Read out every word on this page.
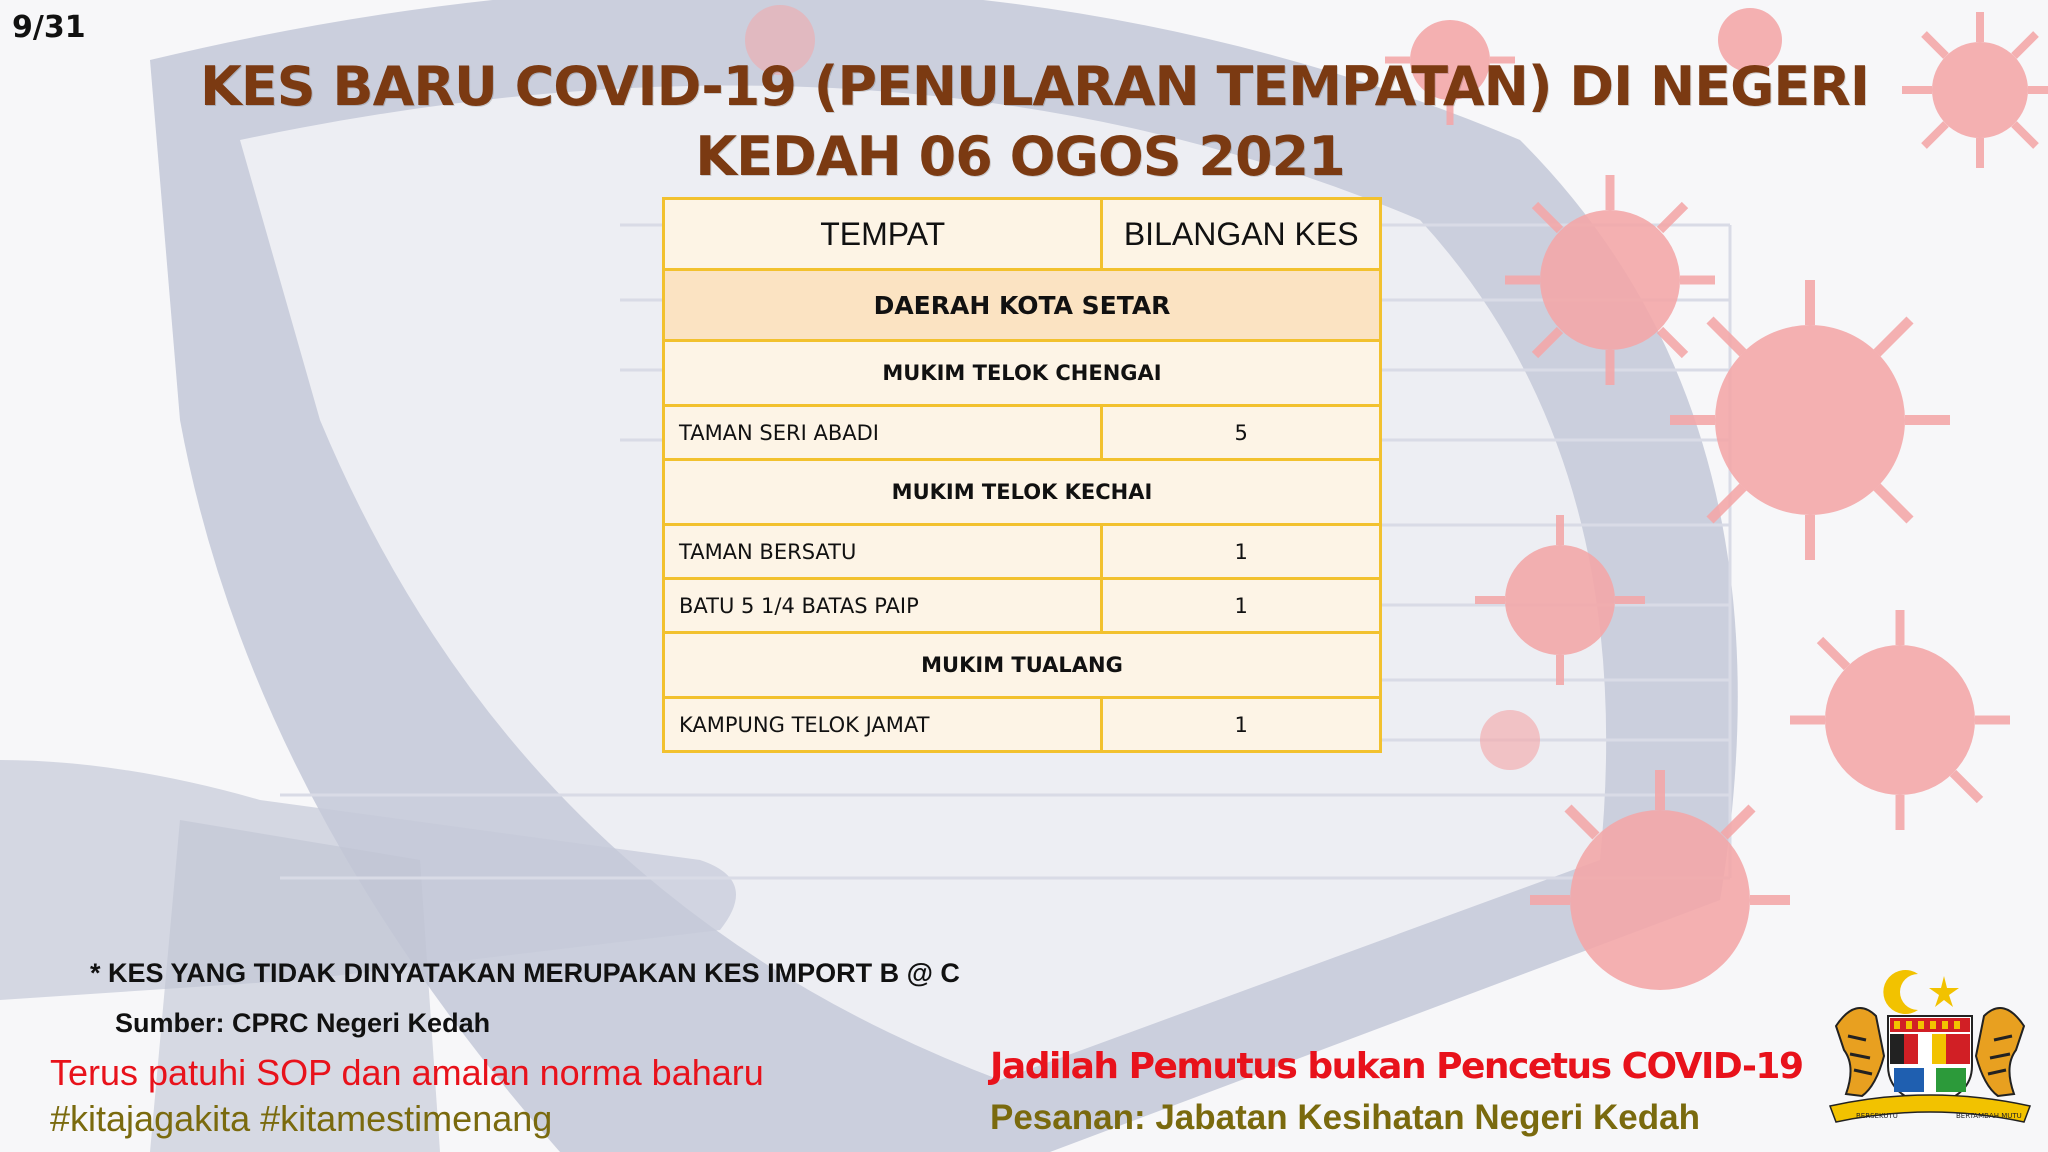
9/31
KES BARU COVID-19 (PENULARAN TEMPATAN) DI NEGERI
KEDAH 06 OGOS 2021
TEMPAT	BILANGAN KES
DAERAH KOTA SETAR	
MUKIM TELOK CHENGAI	
TAMAN SERI ABADI	5
MUKIM TELOK KECHAI	
TAMAN BERSATU	1
BATU 5 1/4 BATAS PAIP	1
MUKIM TUALANG	
KAMPUNG TELOK JAMAT	1
* KES YANG TIDAK DINYATAKAN MERUPAKAN KES IMPORT B @ C
Sumber: CPRC Negeri Kedah
Terus patuhi SOP dan amalan norma baharu
#kitajagakita #kitamestimenang
Jadilah Pemutus bukan Pencetus COVID-19
Pesanan: Jabatan Kesihatan Negeri Kedah	BERSEKUTU	BERTAMBAH MUTU
